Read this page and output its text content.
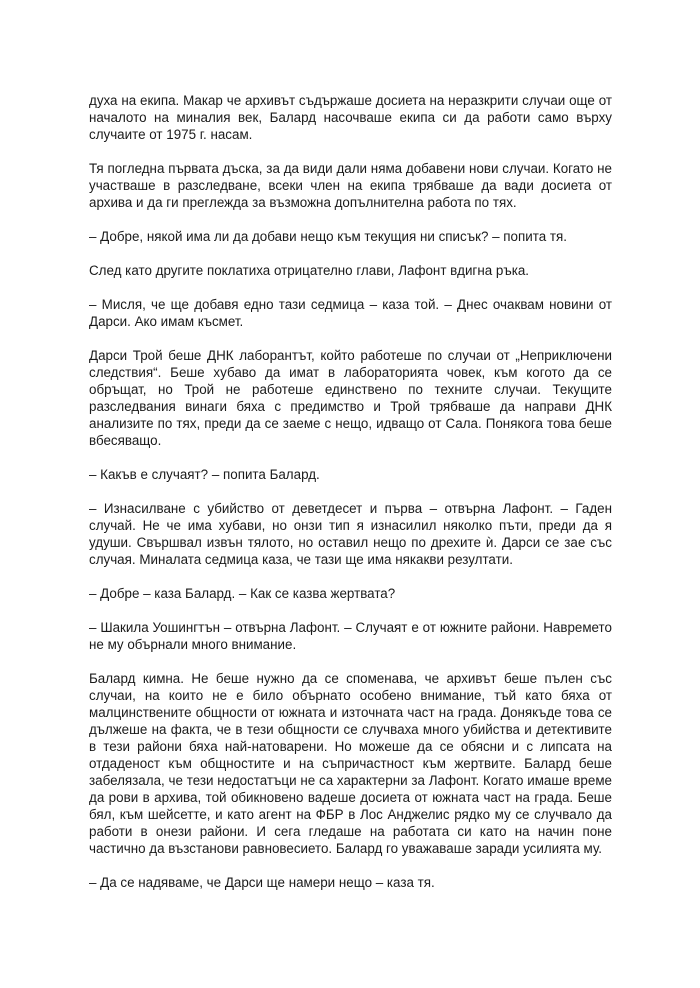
духа на екипа. Макар че архивът съдържаше досиета на неразкрити случаи още от началото на миналия век, Балард насочваше екипа си да работи само върху случаите от 1975 г. насам.

Тя погледна първата дъска, за да види дали няма добавени нови случаи. Когато не участваше в разследване, всеки член на екипа трябваше да вади досиета от архива и да ги преглежда за възможна допълнителна работа по тях.

– Добре, някой има ли да добави нещо към текущия ни списък? – попита тя.

След като другите поклатиха отрицателно глави, Лафонт вдигна ръка.

– Мисля, че ще добавя едно тази седмица – каза той. – Днес очаквам новини от Дарси. Ако имам късмет.

Дарси Трой беше ДНК лаборантът, който работеше по случаи от „Неприключени следствия“. Беше хубаво да имат в лабораторията човек, към когото да се обръщат, но Трой не работеше единствено по техните случаи. Текущите разследвания винаги бяха с предимство и Трой трябваше да направи ДНК анализите по тях, преди да се заеме с нещо, идващо от Сала. Понякога това беше вбесяващо.

– Какъв е случаят? – попита Балард.

– Изнасилване с убийство от деветдесет и първа – отвърна Лафонт. – Гаден случай. Не че има хубави, но онзи тип я изнасилил няколко пъти, преди да я удуши. Свършвал извън тялото, но оставил нещо по дрехите ѝ. Дарси се зае със случая. Миналата седмица каза, че тази ще има някакви резултати.

– Добре – каза Балард. – Как се казва жертвата?

– Шакила Уошингтън – отвърна Лафонт. – Случаят е от южните райони. Навремето не му обърнали много внимание.

Балард кимна. Не беше нужно да се споменава, че архивът беше пълен със случаи, на които не е било обърнато особено внимание, тъй като бяха от малцинствените общности от южната и източната част на града. Донякъде това се дължеше на факта, че в тези общности се случваха много убийства и детективите в тези райони бяха най-натоварени. Но можеше да се обясни и с липсата на отдаденост към общностите и на съпричастност към жертвите. Балард беше забелязала, че тези недостатъци не са характерни за Лафонт. Когато имаше време да рови в архива, той обикновено вадеше досиета от южната част на града. Беше бял, към шейсетте, и като агент на ФБР в Лос Анджелис рядко му се случвало да работи в онези райони. И сега гледаше на работата си като на начин поне частично да възстанови равновесието. Балард го уважаваше заради усилията му.

– Да се надяваме, че Дарси ще намери нещо – каза тя.
